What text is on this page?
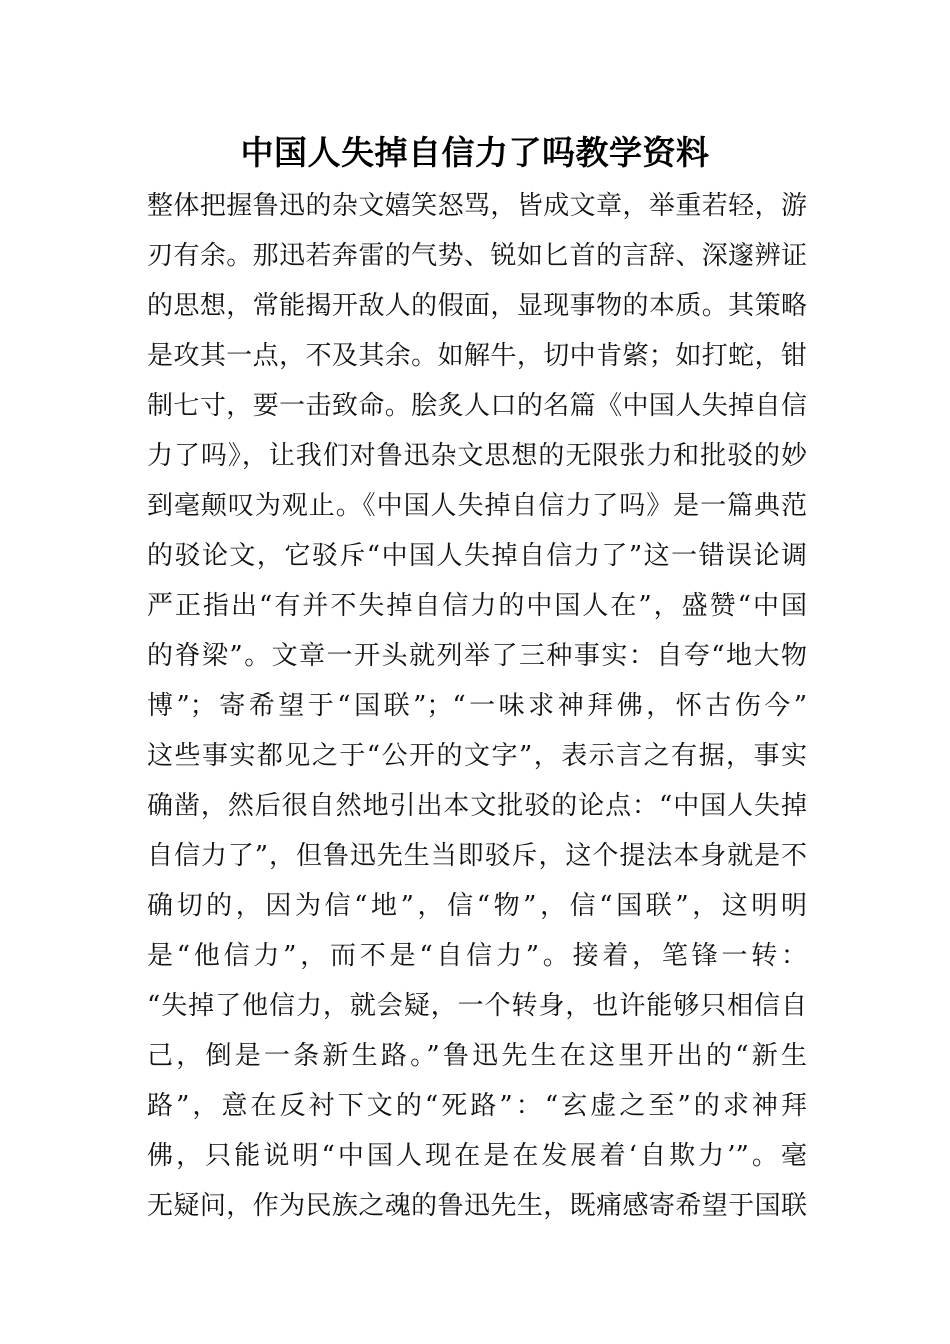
中国人失掉自信力了吗教学资料
整体把握鲁迅的杂文嬉笑怒骂，皆成文章，举重若轻，游
刃有余。那迅若奔雷的气势、锐如匕首的言辞、深邃辨证
的思想，常能揭开敌人的假面，显现事物的本质。其策略
是攻其一点，不及其余。如解牛，切中肯綮；如打蛇，钳
制七寸，要一击致命。脍炙人口的名篇《中国人失掉自信
力了吗》，让我们对鲁迅杂文思想的无限张力和批驳的妙
到毫颠叹为观止。《中国人失掉自信力了吗》是一篇典范
的驳论文，它驳斥“中国人失掉自信力了”这一错误论调
严正指出“有并不失掉自信力的中国人在”，盛赞“中国
的脊梁”。文章一开头就列举了三种事实：自夸“地大物
博”；寄希望于“国联”；“一味求神拜佛，怀古伤今”
这些事实都见之于“公开的文字”，表示言之有据，事实
确凿，然后很自然地引出本文批驳的论点：“中国人失掉
自信力了”，但鲁迅先生当即驳斥，这个提法本身就是不
确切的，因为信“地”，信“物”，信“国联”，这明明
是“他信力”，而不是“自信力”。接着，笔锋一转：
“失掉了他信力，就会疑，一个转身，也许能够只相信自
己，倒是一条新生路。”鲁迅先生在这里开出的“新生
路”，意在反衬下文的“死路”：“玄虚之至”的求神拜
佛，只能说明“中国人现在是在发展着‘自欺力’”。毫
无疑问，作为民族之魂的鲁迅先生，既痛感寄希望于国联
